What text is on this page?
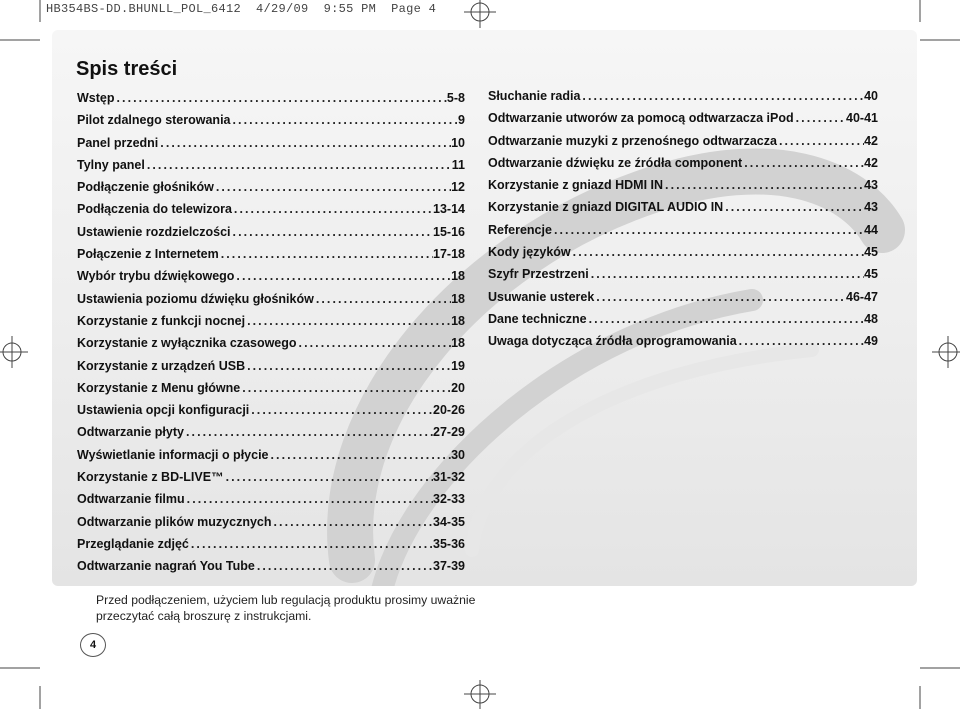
HB354BS-DD.BHUNLL_POL_6412 4/29/09 9:55 PM Page 4
Spis treści
Wstęp . . .	5-8
Pilot zdalnego sterowania . . .	9
Panel przedni . . .	10
Tylny panel . . .	11
Podłączenie głośników . . .	12
Podłączenia do telewizora . . .	13-14
Ustawienie rozdzielczości . . .	15-16
Połączenie z Internetem . . .	17-18
Wybór trybu dźwiękowego . . .	18
Ustawienia poziomu dźwięku głośników . . .	18
Korzystanie z funkcji nocnej . . .	18
Korzystanie z wyłącznika czasowego . . .	18
Korzystanie z urządzeń USB . . .	19
Korzystanie z Menu główne . . .	20
Ustawienia opcji konfiguracji . . .	20-26
Odtwarzanie płyty . . .	27-29
Wyświetlanie informacji o płycie . . .	30
Korzystanie z BD-LIVE™ . . .	31-32
Odtwarzanie filmu . . .	32-33
Odtwarzanie plików muzycznych . . .	34-35
Przeglądanie zdjęć . . .	35-36
Odtwarzanie nagrań You Tube . . .	37-39
Słuchanie radia . . .	40
Odtwarzanie utworów za pomocą odtwarzacza iPod . . .	40-41
Odtwarzanie muzyki z przenośnego odtwarzacza . . .	42
Odtwarzanie dźwięku ze źródła component . . .	42
Korzystanie z gniazd HDMI IN . . .	43
Korzystanie z gniazd DIGITAL AUDIO IN . . .	43
Referencje . . .	44
Kody języków . . .	45
Szyfr Przestrzeni . . .	45
Usuwanie usterek . . .	46-47
Dane techniczne . . .	48
Uwaga dotycząca źródła oprogramowania . . .	49
Przed podłączeniem, użyciem lub regulacją produktu prosimy uważnie przeczytać całą broszurę z instrukcjami.
4
